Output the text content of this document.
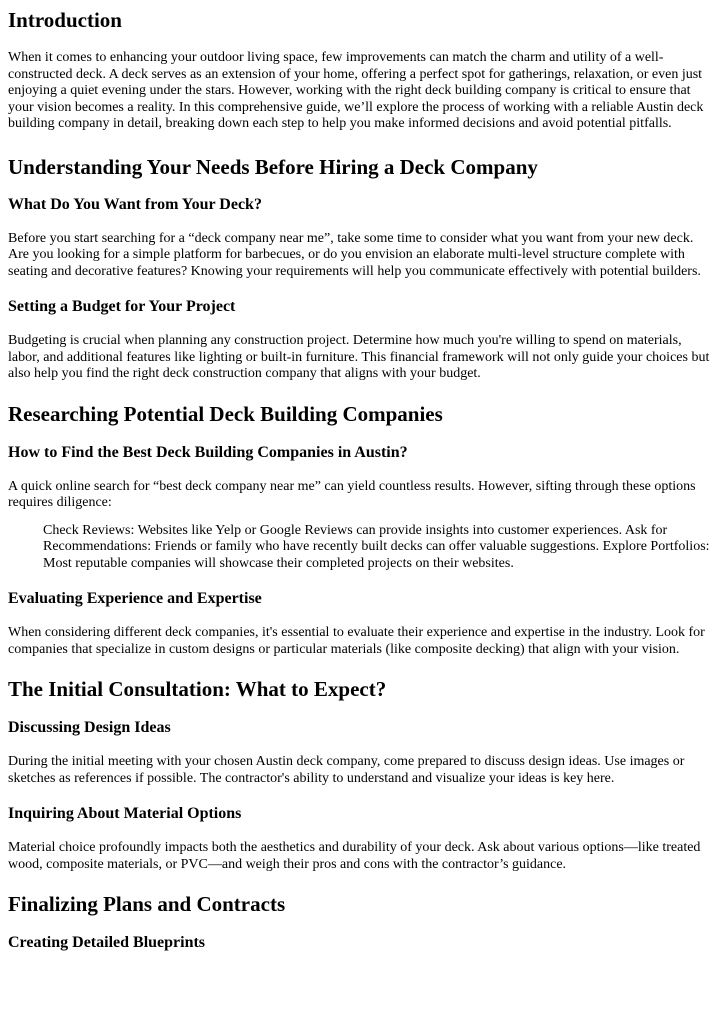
Introduction

When it comes to enhancing your outdoor living space, few improvements can match the charm and utility of a well-constructed deck. A deck serves as an extension of your home, offering a perfect spot for gatherings, relaxation, or even just enjoying a quiet evening under the stars. However, working with the right deck building company is critical to ensure that your vision becomes a reality. In this comprehensive guide, we’ll explore the process of working with a reliable Austin deck building company in detail, breaking down each step to help you make informed decisions and avoid potential pitfalls.

Understanding Your Needs Before Hiring a Deck Company
What Do You Want from Your Deck?

Before you start searching for a “deck company near me”, take some time to consider what you want from your new deck. Are you looking for a simple platform for barbecues, or do you envision an elaborate multi-level structure complete with seating and decorative features? Knowing your requirements will help you communicate effectively with potential builders.

Setting a Budget for Your Project

Budgeting is crucial when planning any construction project. Determine how much you're willing to spend on materials, labor, and additional features like lighting or built-in furniture. This financial framework will not only guide your choices but also help you find the right deck construction company that aligns with your budget.

Researching Potential Deck Building Companies
How to Find the Best Deck Building Companies in Austin?

A quick online search for “best deck company near me” can yield countless results. However, sifting through these options requires diligence:

Check Reviews: Websites like Yelp or Google Reviews can provide insights into customer experiences. Ask for Recommendations: Friends or family who have recently built decks can offer valuable suggestions. Explore Portfolios: Most reputable companies will showcase their completed projects on their websites.

Evaluating Experience and Expertise

When considering different deck companies, it's essential to evaluate their experience and expertise in the industry. Look for companies that specialize in custom designs or particular materials (like composite decking) that align with your vision.

The Initial Consultation: What to Expect?
Discussing Design Ideas

During the initial meeting with your chosen Austin deck company, come prepared to discuss design ideas. Use images or sketches as references if possible. The contractor's ability to understand and visualize your ideas is key here.

Inquiring About Material Options

Material choice profoundly impacts both the aesthetics and durability of your deck. Ask about various options—like treated wood, composite materials, or PVC—and weigh their pros and cons with the contractor’s guidance.

Finalizing Plans and Contracts
Creating Detailed Blueprints
